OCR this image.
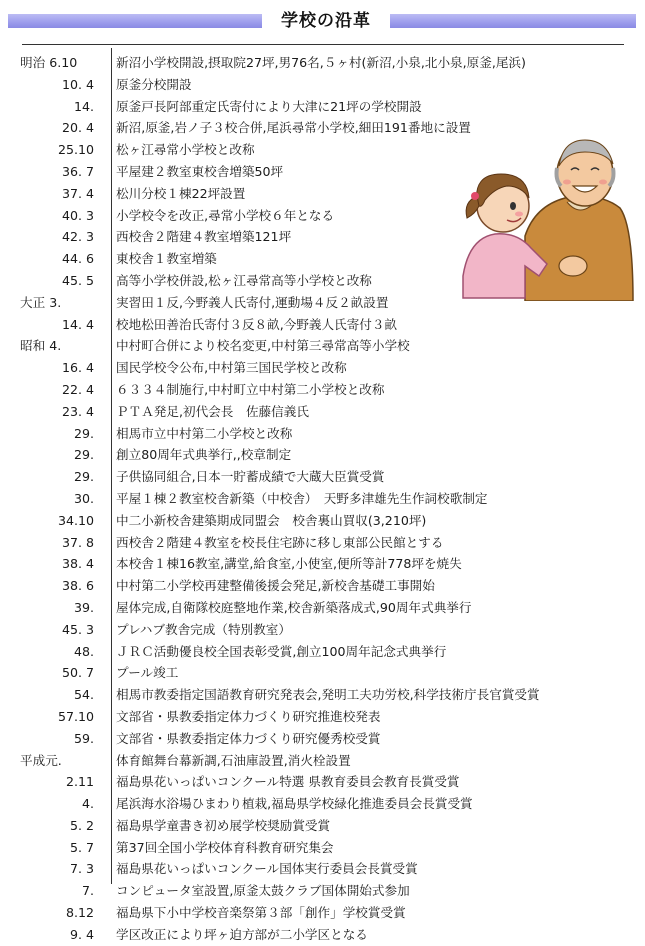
学校の沿革
明治 6.10	新沼小学校開設,摂取院27坪,男76名,５ヶ村(新沼,小泉,北小泉,原釜,尾浜)
10. 4 原釜分校開設
14. 原釜戸長阿部重定氏寄付により大津に21坪の学校開設
20. 4 新沼,原釜,岩ノ子３校合併,尾浜尋常小学校,細田191番地に設置
25.10 松ヶ江尋常小学校と改称
36. 7 平屋建２教室東校舎増築50坪
37. 4 松川分校１棟22坪設置
40. 3 小学校令を改正,尋常小学校６年となる
42. 3 西校舎２階建４教室増築121坪
44. 6 東校舎１教室増築
45. 5 高等小学校併設,松ヶ江尋常高等小学校と改称
大正 3.	実習田１反,今野義人氏寄付,運動場４反２畝設置
14. 4 校地松田善治氏寄付３反８畝,今野義人氏寄付３畝
昭和 4.	中村町合併により校名変更,中村第三尋常高等小学校
16. 4 国民学校令公布,中村第三国民学校と改称
22. 4 ６３３４制施行,中村町立中村第二小学校と改称
23. 4 ＰＴＡ発足,初代会長　佐藤信義氏
29. 相馬市立中村第二小学校と改称
29. 創立80周年式典挙行,,校章制定
29. 子供協同組合,日本一貯蓄成績で大蔵大臣賞受賞
30. 平屋１棟２教室校舎新築（中校舎）　天野多津雄先生作詞校歌制定
34.10 中二小新校舎建築期成同盟会　校舎裏山買収(3,210坪)
37. 8 西校舎２階建４教室を校長住宅跡に移し東部公民館とする
38. 4 本校舎１棟16教室,講堂,給食室,小使室,便所等計778坪を焼失
38. 6 中村第二小学校再建整備後援会発足,新校舎基礎工事開始
39. 屋体完成,自衛隊校庭整地作業,校舎新築落成式,90周年式典挙行
45. 3 プレハブ教舎完成（特別教室）
48. ＪＲＣ活動優良校全国表彰受賞,創立100周年記念式典挙行
50. 7 プール竣工
54. 相馬市教委指定国語教育研究発表会,発明工夫功労校,科学技術庁長官賞受賞
57.10 文部省・県教委指定体力づくり研究推進校発表
59. 文部省・県教委指定体力づくり研究優秀校受賞
平成元.	体育館舞台幕新調,石油庫設置,消火栓設置
2.11 福島県花いっぱいコンクール特選 県教育委員会教育長賞受賞
4. 尾浜海水浴場ひまわり植栽,福島県学校緑化推進委員会長賞受賞
5. 2 福島県学童書き初め展学校奨励賞受賞
5. 7 第37回全国小学校体育科教育研究集会
7. 3 福島県花いっぱいコンクール国体実行委員会長賞受賞
7. コンピュータ室設置,原釜太鼓クラブ国体開始式参加
8.12 福島県下小中学校音楽祭第３部「創作」学校賞受賞
9. 4 学区改正により坪ヶ迫方部が二小学区となる
